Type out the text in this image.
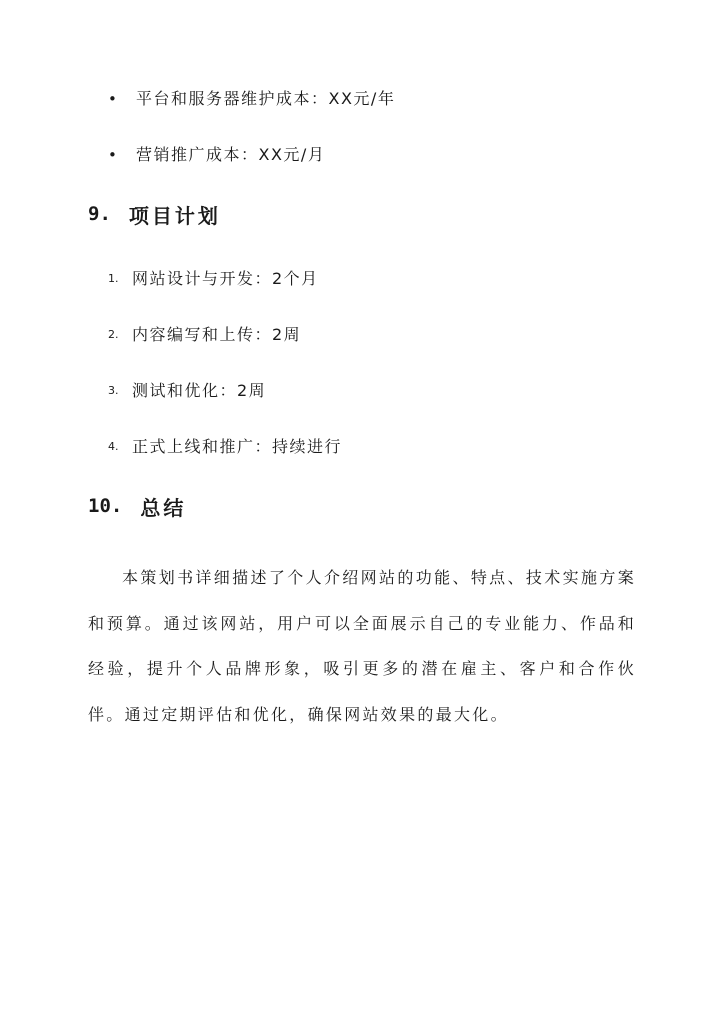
•	平台和服务器维护成本：XX元/年
•	营销推广成本：XX元/月
9. 项目计划
1. 网站设计与开发：2个月
2. 内容编写和上传：2周
3. 测试和优化：2周
4. 正式上线和推广：持续进行
10. 总结

本策划书详细描述了个人介绍网站的功能、特点、技术实施方案和预算。通过该网站，用户可以全面展示自己的专业能力、作品和经验，提升个人品牌形象，吸引更多的潜在雇主、客户和合作伙伴。通过定期评估和优化，确保网站效果的最大化。
